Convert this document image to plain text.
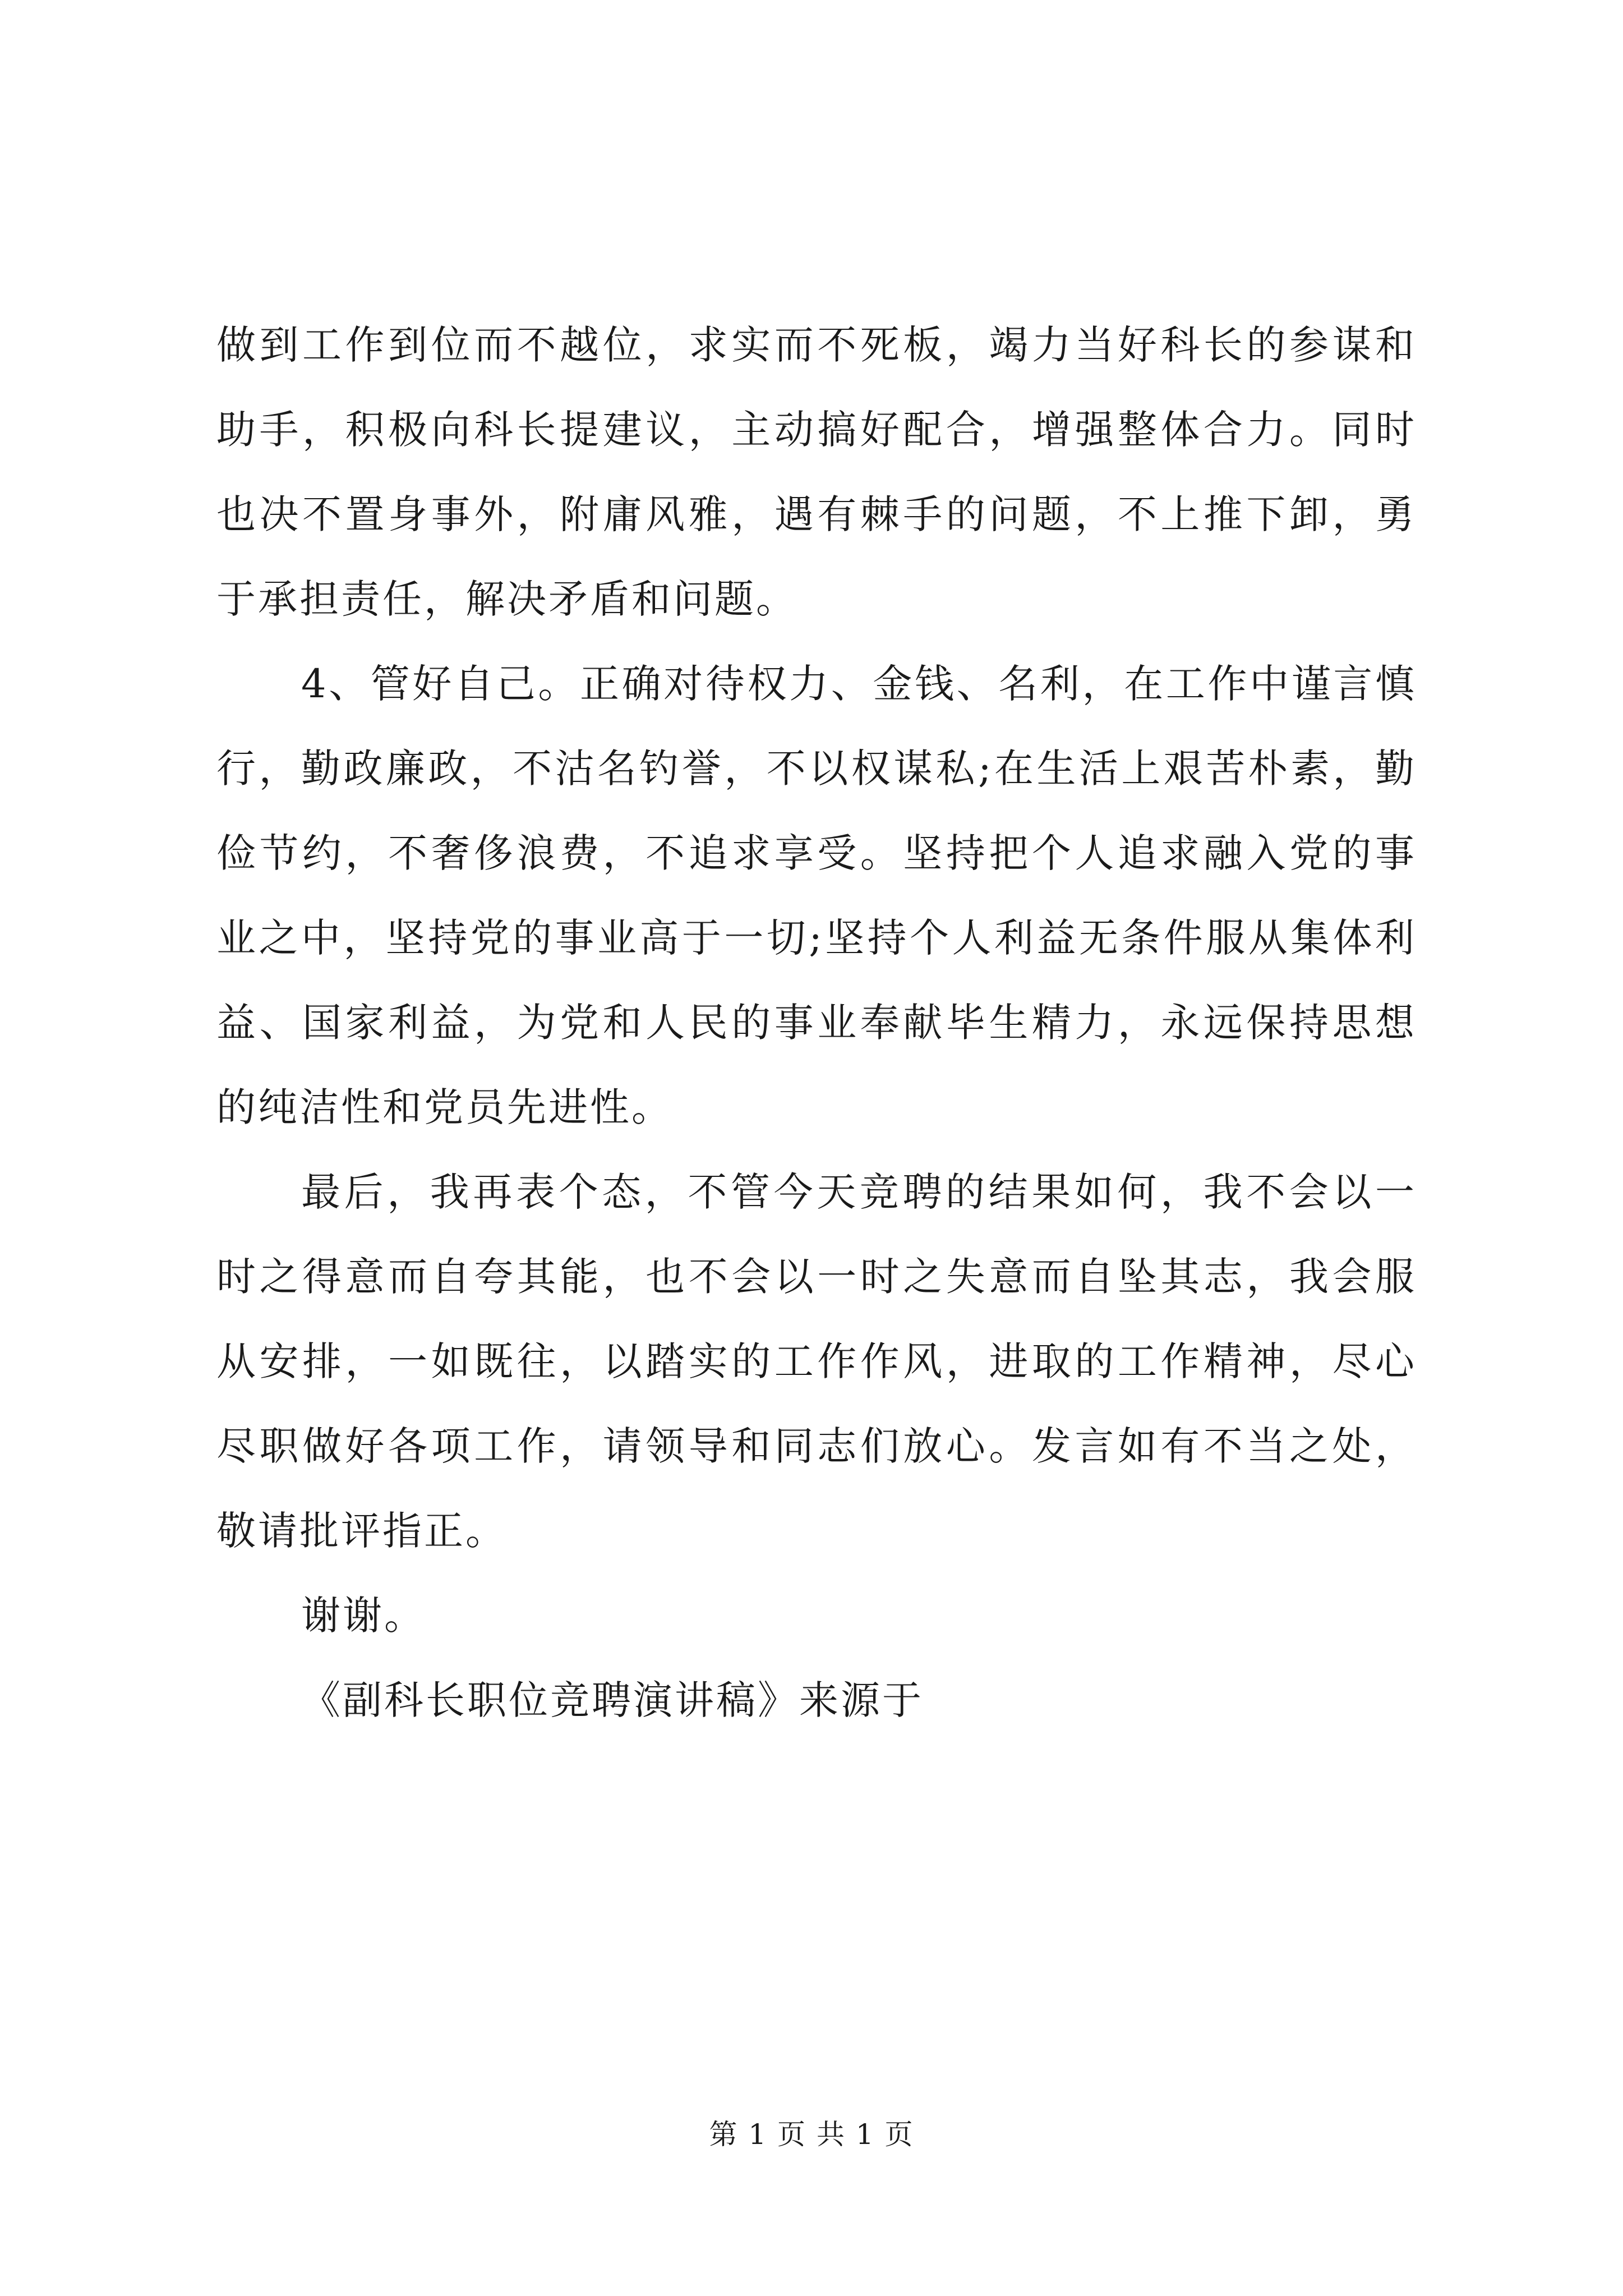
做到工作到位而不越位，求实而不死板，竭力当好科长的参谋和助手，积极向科长提建议，主动搞好配合，增强整体合力。同时也决不置身事外，附庸风雅，遇有棘手的问题，不上推下卸，勇于承担责任，解决矛盾和问题。

4、管好自己。正确对待权力、金钱、名利，在工作中谨言慎行，勤政廉政，不沽名钓誉，不以权谋私;在生活上艰苦朴素，勤俭节约，不奢侈浪费，不追求享受。坚持把个人追求融入党的事业之中，坚持党的事业高于一切;坚持个人利益无条件服从集体利益、国家利益，为党和人民的事业奉献毕生精力，永远保持思想的纯洁性和党员先进性。

最后，我再表个态，不管今天竞聘的结果如何，我不会以一时之得意而自夸其能，也不会以一时之失意而自坠其志，我会服从安排，一如既往，以踏实的工作作风，进取的工作精神，尽心尽职做好各项工作，请领导和同志们放心。发言如有不当之处，敬请批评指正。

谢谢。

《副科长职位竞聘演讲稿》来源于

第 1 页 共 1 页
